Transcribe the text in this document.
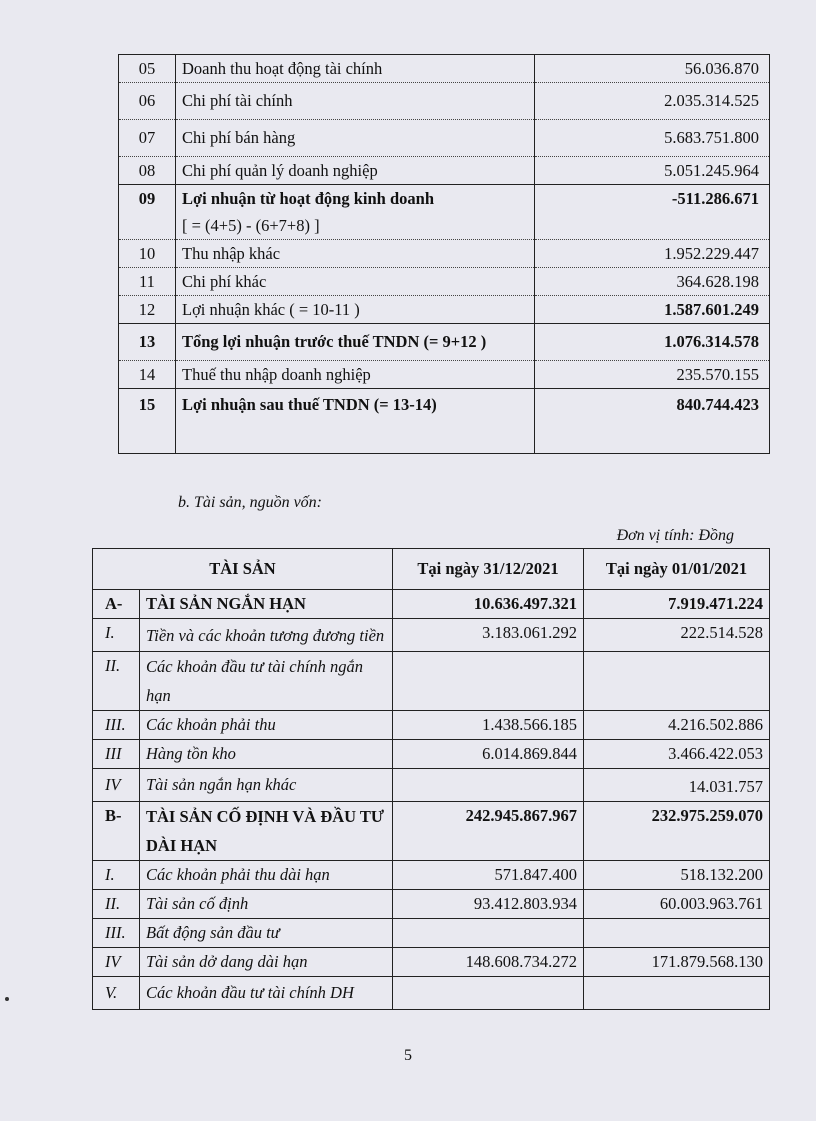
05	Doanh thu hoạt động tài chính	56.036.870
06	Chi phí tài chính	2.035.314.525
07	Chi phí bán hàng	5.683.751.800
08	Chi phí quản lý doanh nghiệp	5.051.245.964
09	Lợi nhuận từ hoạt động kinh doanh	-511.286.671
	[ = (4+5) - (6+7+8) ]	
10	Thu nhập khác	1.952.229.447
11	Chi phí khác	364.628.198
12	Lợi nhuận khác ( = 10-11 )	1.587.601.249
13	Tổng lợi nhuận trước thuế TNDN (= 9+12 )	1.076.314.578
14	Thuế thu nhập doanh nghiệp	235.570.155
15	Lợi nhuận sau thuế TNDN (= 13-14)	840.744.423
b. Tài sản, nguồn vốn:
Đơn vị tính: Đồng
TÀI SẢN		Tại ngày 31/12/2021	Tại ngày 01/01/2021
A-	TÀI SẢN NGẮN HẠN	10.636.497.321	7.919.471.224
I.	Tiền và các khoản tương đương tiền	3.183.061.292	222.514.528
II.	Các khoản đầu tư tài chính ngắn hạn		
III.	Các khoản phải thu	1.438.566.185	4.216.502.886
III	Hàng tồn kho	6.014.869.844	3.466.422.053
IV	Tài sản ngắn hạn khác		14.031.757
B-	TÀI SẢN CỐ ĐỊNH VÀ ĐẦU TƯ DÀI HẠN	242.945.867.967	232.975.259.070
I.	Các khoản phải thu dài hạn	571.847.400	518.132.200
II.	Tài sản cố định	93.412.803.934	60.003.963.761
III.	Bất động sản đầu tư		
IV	Tài sản dở dang dài hạn	148.608.734.272	171.879.568.130
V.	Các khoản đầu tư tài chính DH		
5
